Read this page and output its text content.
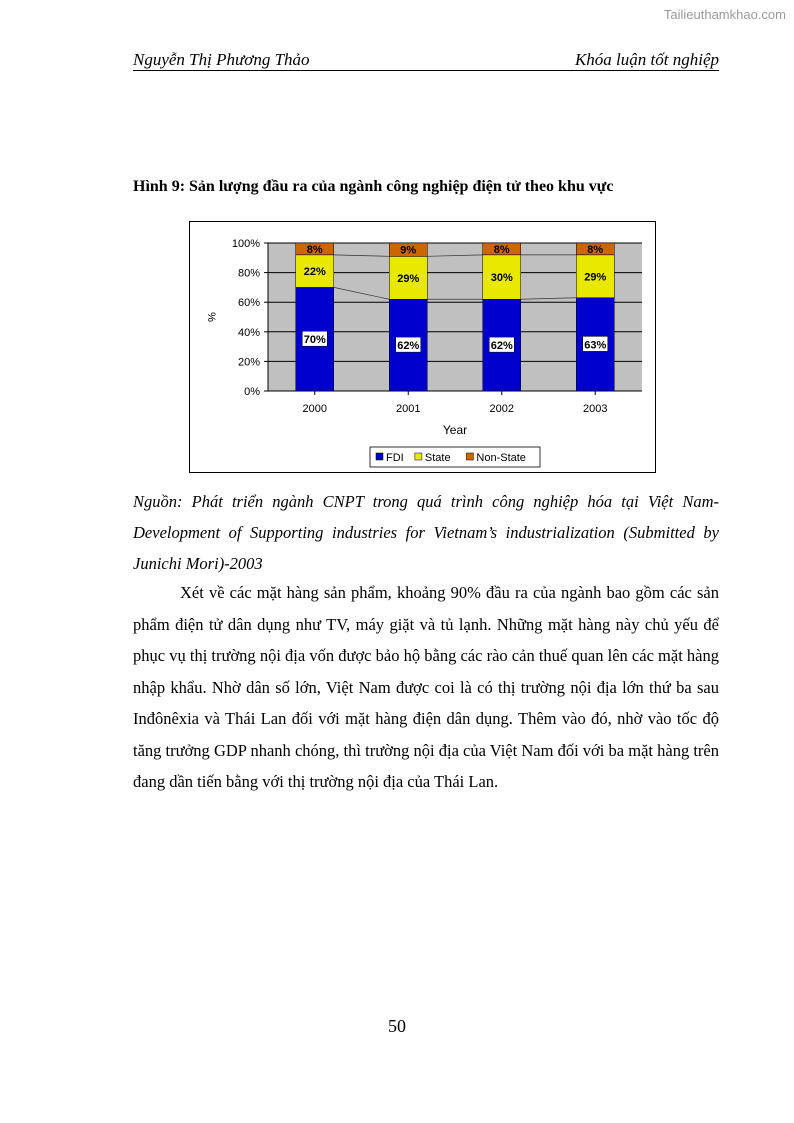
Tailieuthamkhao.com
Nguyễn Thị Phương Thảo	Khóa luận tốt nghiệp
Hình 9: Sản lượng đầu ra của ngành công nghiệp điện tử theo khu vực
0%
20%
40%
60%
80%
100%
70%
22%
8%
2000
62%
29%
9%
2001
62%
30%
8%
2002
63%
29%
8%
2003
Year
%
FDI State Non-State
Nguồn: Phát triển ngành CNPT trong quá trình công nghiệp hóa tại Việt Nam- Development of Supporting industries for Vietnam’s industrialization (Submitted by Junichi Mori)-2003
Xét về các mặt hàng sản phẩm, khoảng 90% đầu ra của ngành bao gồm các sản phẩm điện tử dân dụng như TV, máy giặt và tủ lạnh. Những mặt hàng này chủ yếu để phục vụ thị trường nội địa vốn được bảo hộ bằng các rào cản thuế quan lên các mặt hàng nhập khẩu. Nhờ dân số lớn, Việt Nam được coi là có thị trường nội địa lớn thứ ba sau Inđônêxia và Thái Lan đối với mặt hàng điện dân dụng. Thêm vào đó, nhờ vào tốc độ tăng trưởng GDP nhanh chóng, thì trường nội địa của Việt Nam đối với ba mặt hàng trên đang dần tiến bằng với thị trường nội địa của Thái Lan.
50
